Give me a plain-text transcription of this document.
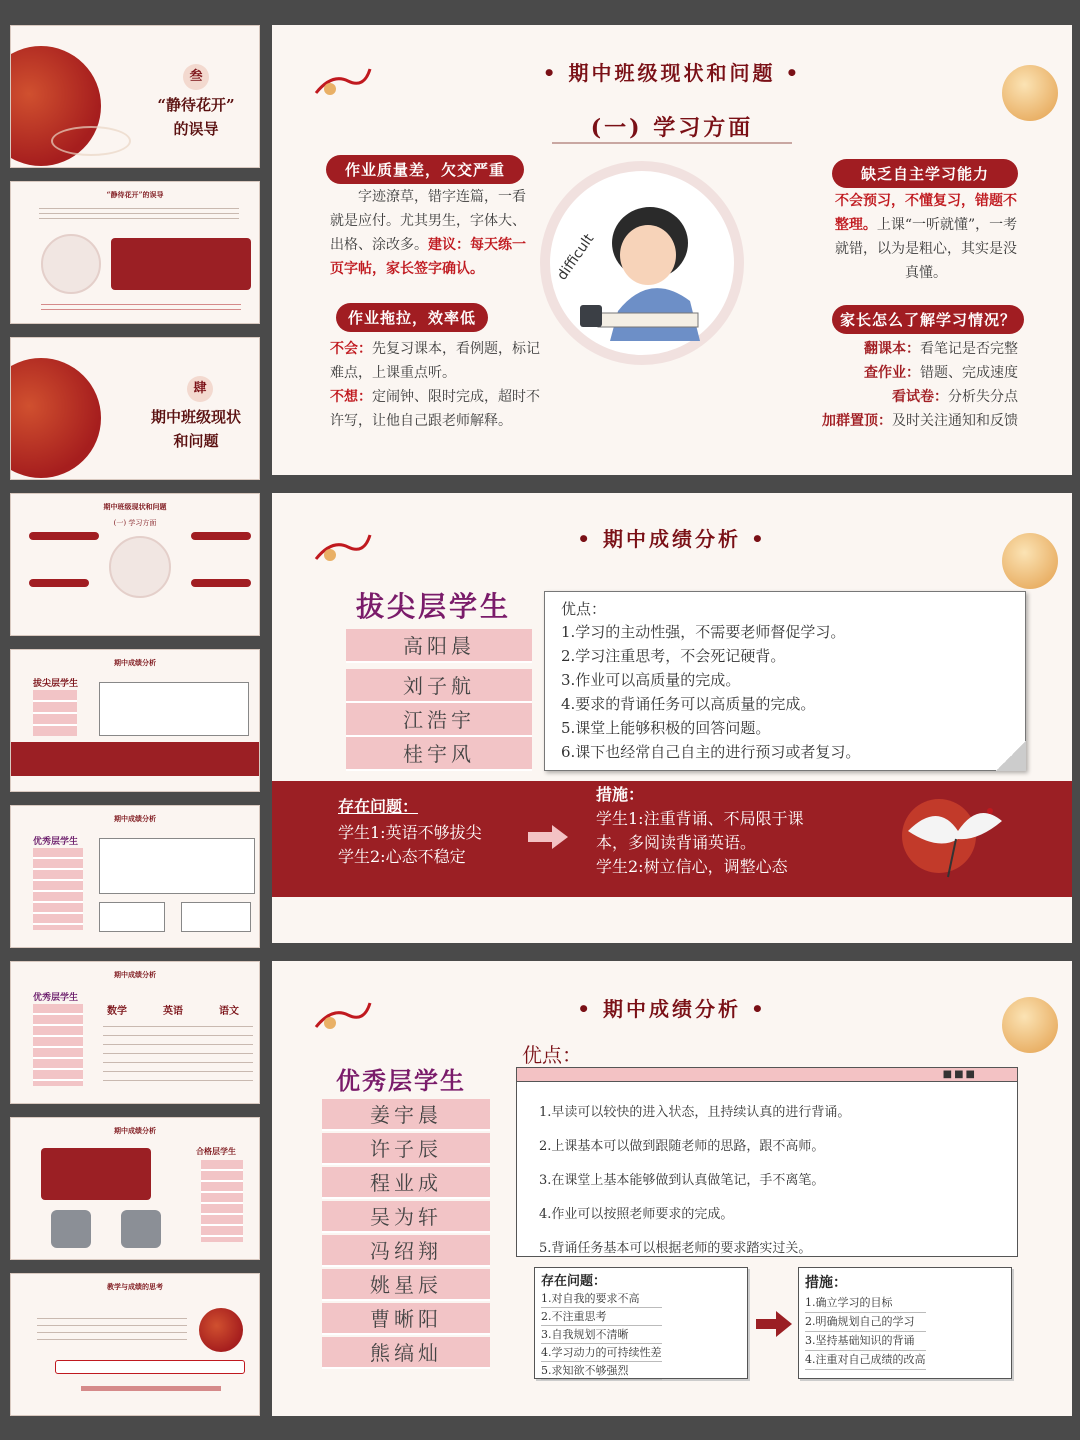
叁
“静待花开”
的误导
“静待花开”的误导
肆
期中班级现状
和问题
期中班级现状和问题
(一) 学习方面
期中成绩分析
拔尖层学生
期中成绩分析
优秀层学生
期中成绩分析
优秀层学生
数学	英语	语文
期中成绩分析
合格层学生
教学与成绩的思考
• 期中班级现状和问题 •
(一) 学习方面
difficult
作业质量差，欠交严重
字迹潦草，错字连篇，一看就是应付。尤其男生，字体大、出格、涂改多。建议：每天练一页字帖，家长签字确认。
作业拖拉，效率低
不会：先复习课本，看例题，标记难点，上课重点听。
不想：定闹钟、限时完成，超时不许写，让他自己跟老师解释。
缺乏自主学习能力
不会预习，不懂复习，错题不整理。上课“一听就懂”，一考就错，以为是粗心，其实是没真懂。
家长怎么了解学习情况？
翻课本：看笔记是否完整
查作业：错题、完成速度
看试卷：分析失分点
加群置顶：及时关注通知和反馈
• 期中成绩分析 •
拔尖层学生
高阳晨
刘子航
江浩宇
桂宇风
优点：
1.学习的主动性强，不需要老师督促学习。
2.学习注重思考，不会死记硬背。
3.作业可以高质量的完成。
4.要求的背诵任务可以高质量的完成。
5.课堂上能够积极的回答问题。
6.课下也经常自己自主的进行预习或者复习。
存在问题：
学生1:英语不够拔尖
学生2:心态不稳定
措施：
学生1:注重背诵、不局限于课
本，多阅读背诵英语。
学生2:树立信心，调整心态
• 期中成绩分析 •
优秀层学生
姜宇晨
许子辰
程业成
吴为轩
冯绍翔
姚星辰
曹晰阳
熊缟灿
优点：
■■■
1.早读可以较快的进入状态，且持续认真的进行背诵。
2.上课基本可以做到跟随老师的思路，跟不高师。
3.在课堂上基本能够做到认真做笔记，手不离笔。
4.作业可以按照老师要求的完成。
5.背诵任务基本可以根据老师的要求踏实过关。
存在问题：
1.对自我的要求不高
2.不注重思考
3.自我规划不清晰
4.学习动力的可持续性差
5.求知欲不够强烈
措施：
1.确立学习的目标
2.明确规划自己的学习
3.坚持基础知识的背诵
4.注重对自己成绩的改高
